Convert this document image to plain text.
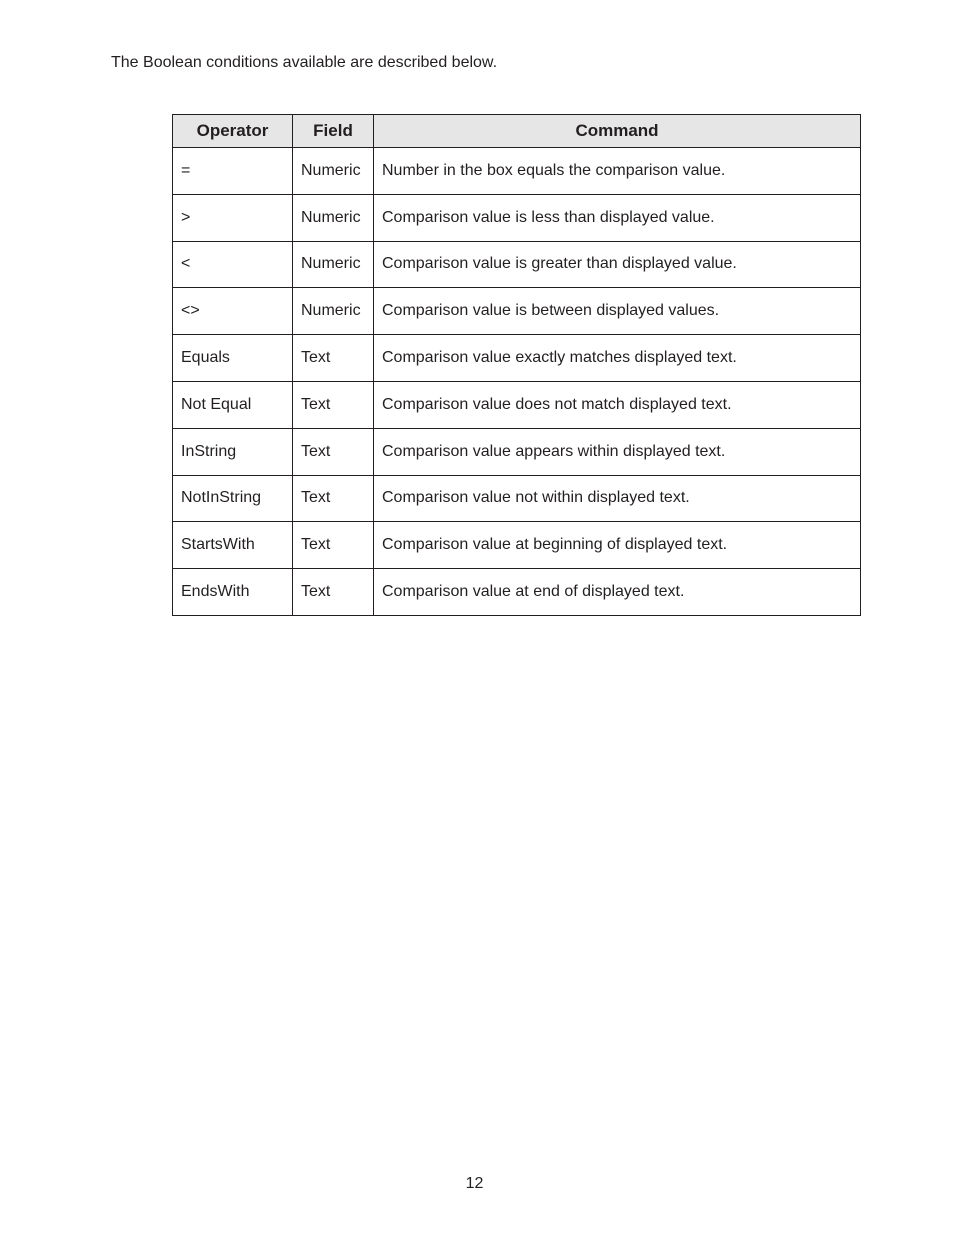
The Boolean conditions available are described below.

Operator	Field	Command
=	Numeric	Number in the box equals the comparison value.
>	Numeric	Comparison value is less than displayed value.
<	Numeric	Comparison value is greater than displayed value.
<>	Numeric	Comparison value is between displayed values.
Equals	Text	Comparison value exactly matches displayed text.
Not Equal	Text	Comparison value does not match displayed text.
InString	Text	Comparison value appears within displayed text.
NotInString	Text	Comparison value not within displayed text.
StartsWith	Text	Comparison value at beginning of displayed text.
EndsWith	Text	Comparison value at end of displayed text.
12
